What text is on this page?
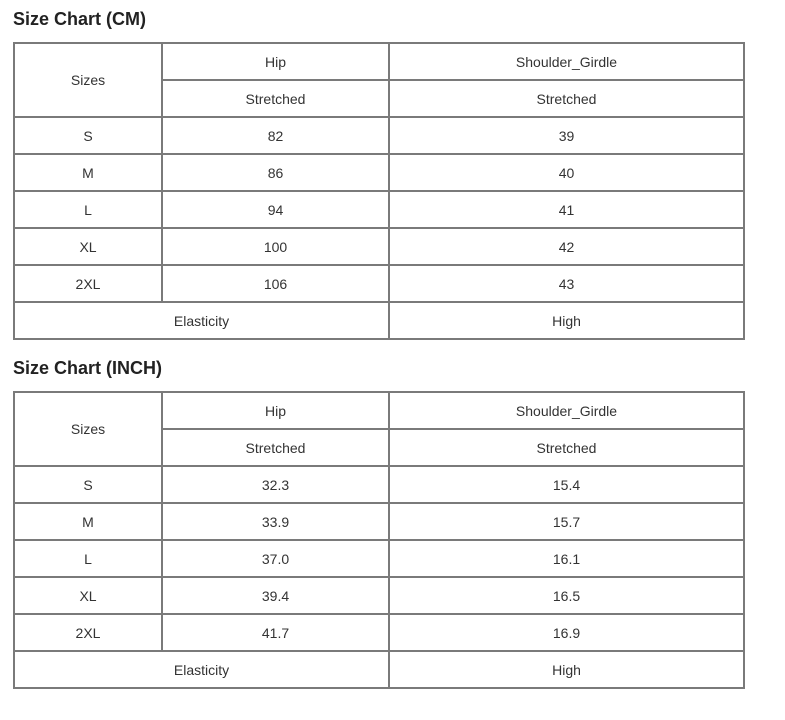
Size Chart (CM)
Sizes	Hip	Shoulder_Girdle
	Stretched	Stretched
S	82	39
M	86	40
L	94	41
XL	100	42
2XL	106	43
Elasticity		High
Size Chart (INCH)
Sizes	Hip	Shoulder_Girdle
	Stretched	Stretched
S	32.3	15.4
M	33.9	15.7
L	37.0	16.1
XL	39.4	16.5
2XL	41.7	16.9
Elasticity		High
